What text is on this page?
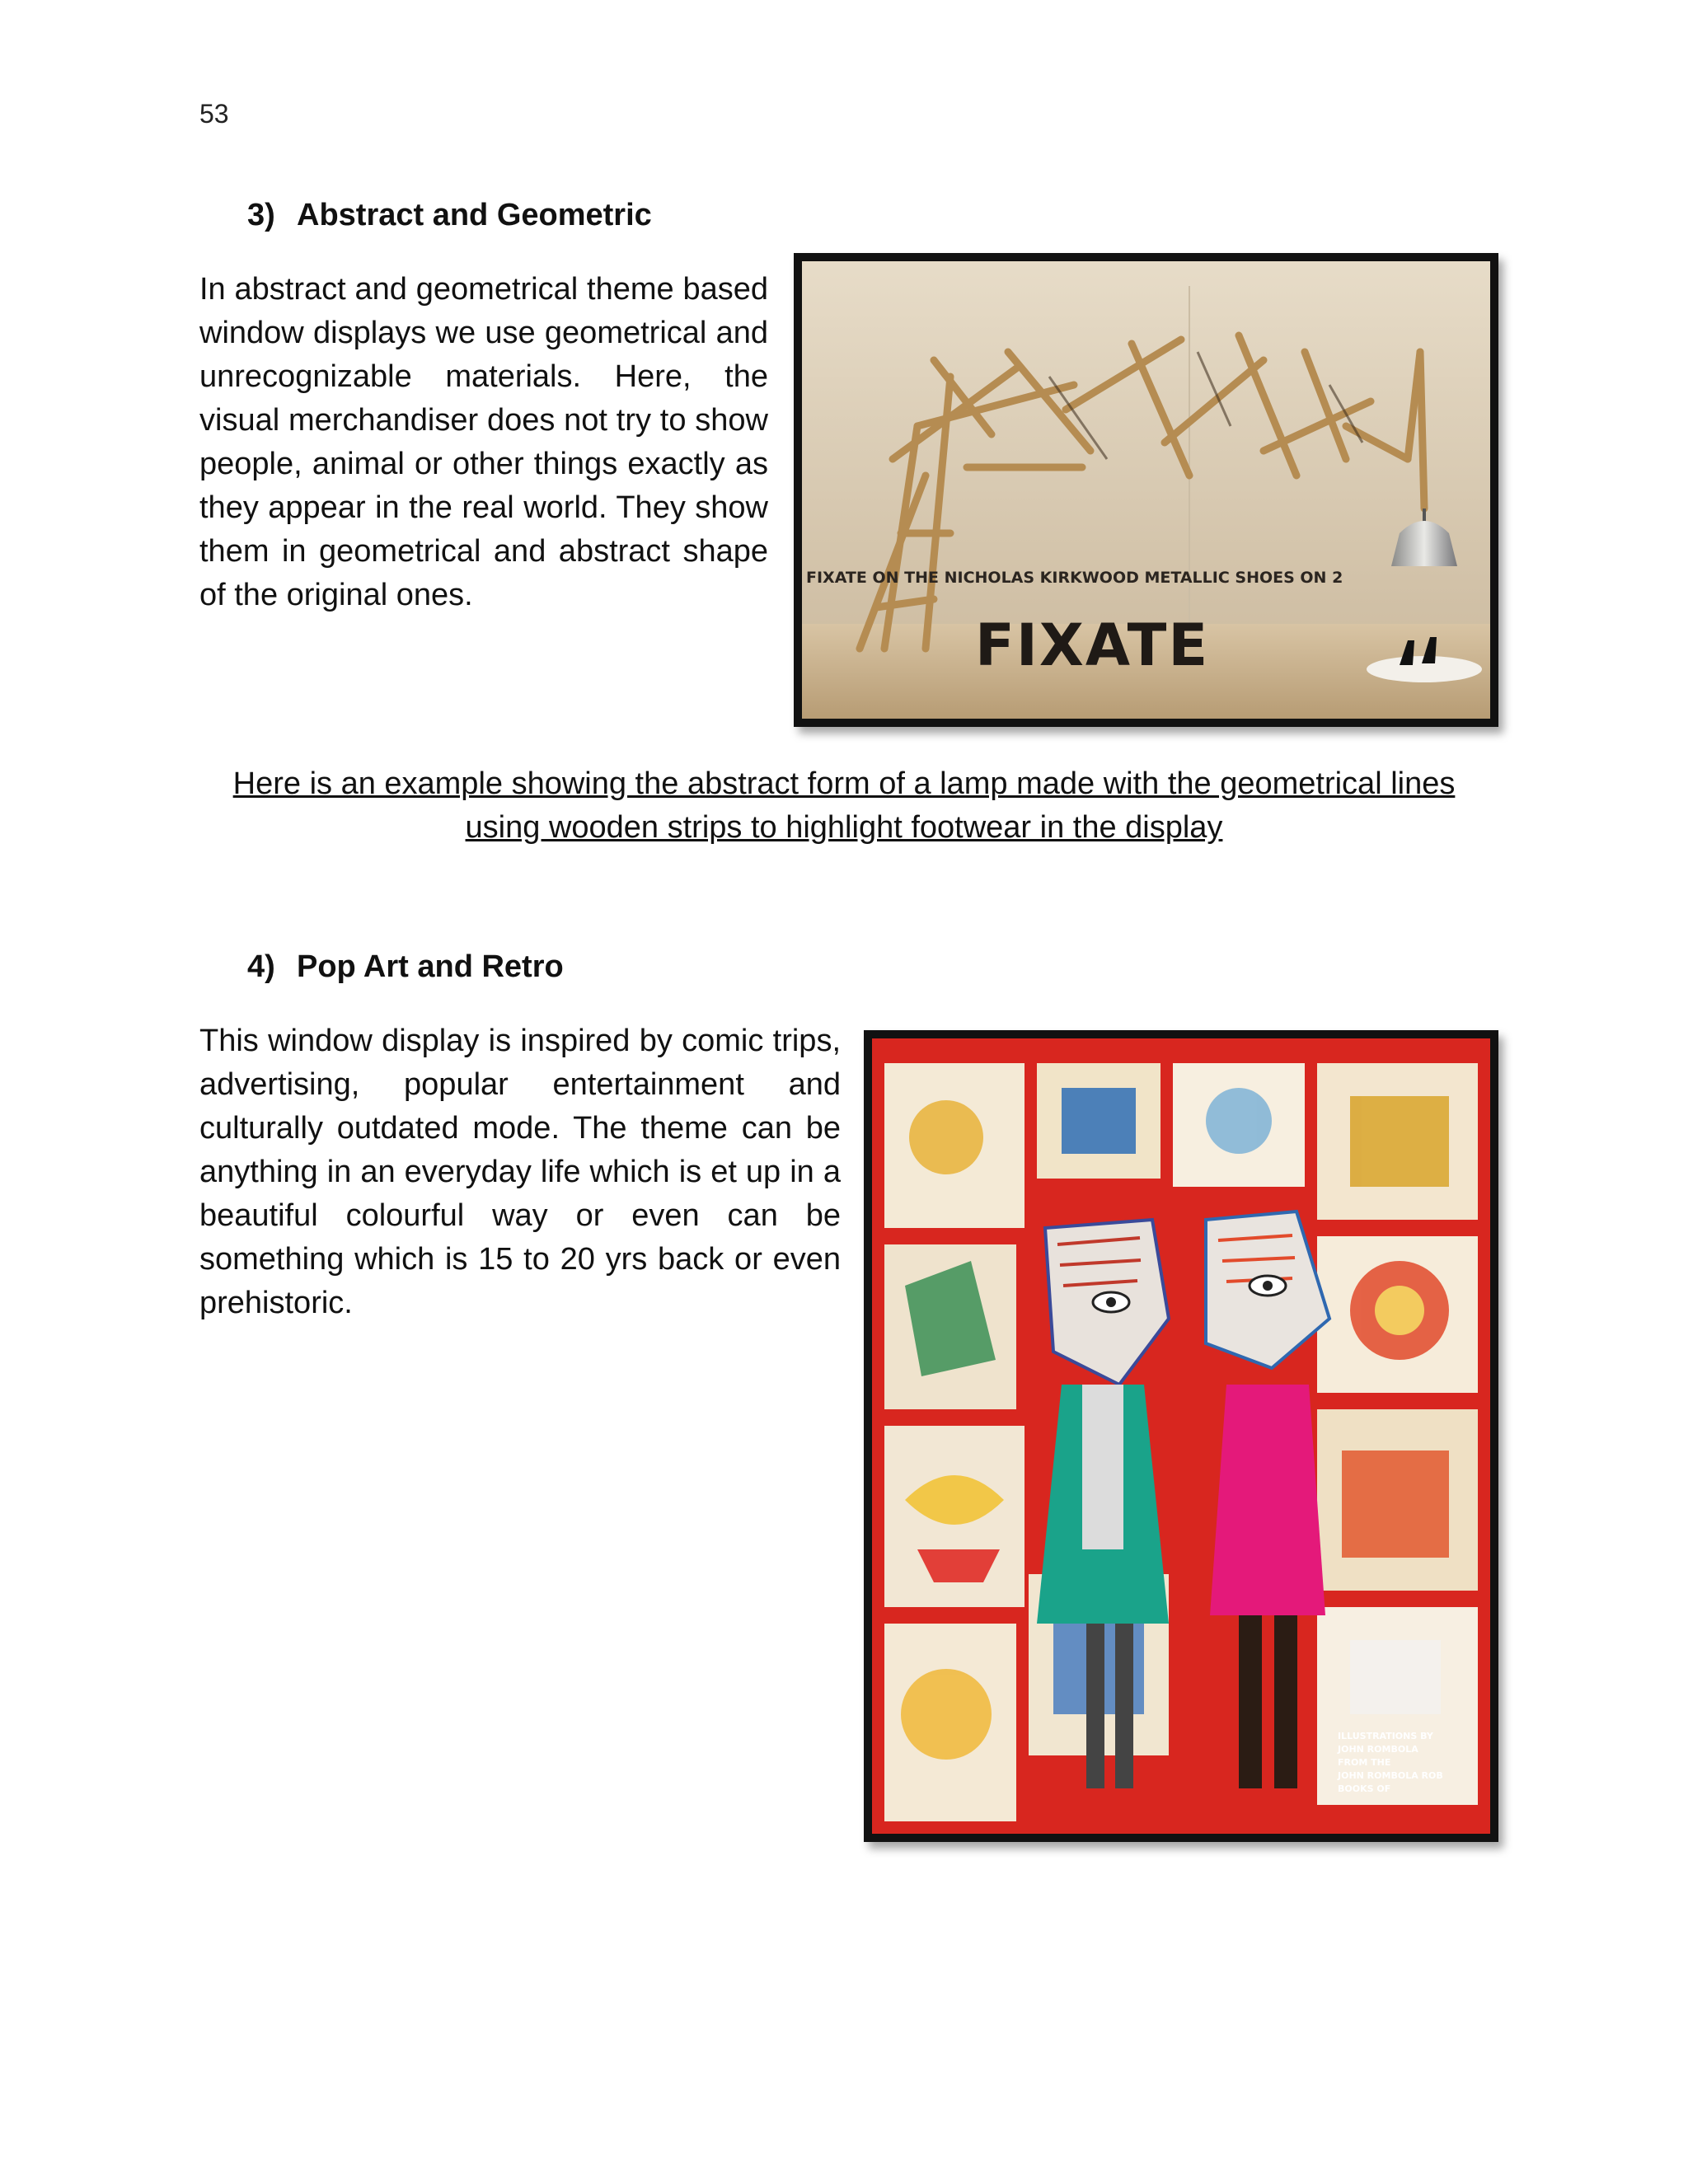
53
3) Abstract and Geometric
In abstract and geometrical theme based window displays we use geometrical and unrecognizable materials. Here, the visual merchandiser does not try to show people, animal or other things exactly as they appear in the real world. They show them in geometrical and abstract shape of the original ones.	FIXATE ON THE NICHOLAS KIRKWOOD METALLIC SHOES ON 2
FIXATE
Here is an example showing the abstract form of a lamp made with the geometrical lines using wooden strips to highlight footwear in the display
4) Pop Art and Retro
This window display is inspired by comic trips, advertising, popular entertainment and culturally outdated mode. The theme can be anything in an everyday life which is et up in a beautiful colourful way or even can be something which is 15 to 20 yrs back or even prehistoric.
ILLUSTRATIONS BY
JOHN ROMBOLA
FROM THE
JOHN ROMBOLA ROB
BOOKS OF
